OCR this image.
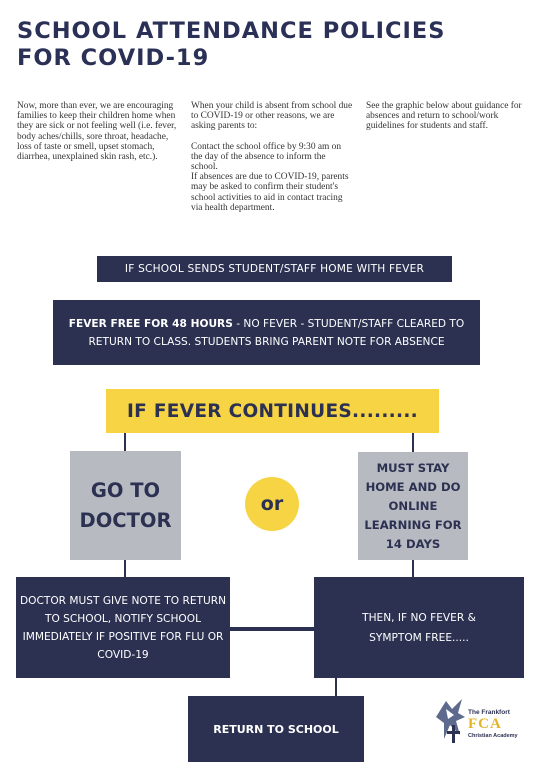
SCHOOL ATTENDANCE POLICIES
FOR COVID-19

Now, more than ever, we are encouraging families to keep their children home when they are sick or not feeling well (i.e. fever, body aches/chills, sore throat, headache, loss of taste or smell, upset stomach, diarrhea, unexplained skin rash, etc.).

When your child is absent from school due to COVID-19 or other reasons, we are asking parents to:

Contact the school office by 9:30 am on the day of the absence to inform the school.

If absences are due to COVID-19, parents may be asked to confirm their student's school activities to aid in contact tracing via health department.

See the graphic below about guidance for absences and return to school/work guidelines for students and staff.

IF SCHOOL SENDS STUDENT/STAFF HOME WITH FEVER
FEVER FREE FOR 48 HOURS - NO FEVER - STUDENT/STAFF CLEARED TO RETURN TO CLASS. STUDENTS BRING PARENT NOTE FOR ABSENCE
IF FEVER CONTINUES.........
GO TO DOCTOR
or
MUST STAY HOME AND DO ONLINE LEARNING FOR 14 DAYS
DOCTOR MUST GIVE NOTE TO RETURN TO SCHOOL, NOTIFY SCHOOL IMMEDIATELY IF POSITIVE FOR FLU OR COVID-19
THEN, IF NO FEVER & SYMPTOM FREE.....
RETURN TO SCHOOL
The Frankfort
FCA
Christian Academy
